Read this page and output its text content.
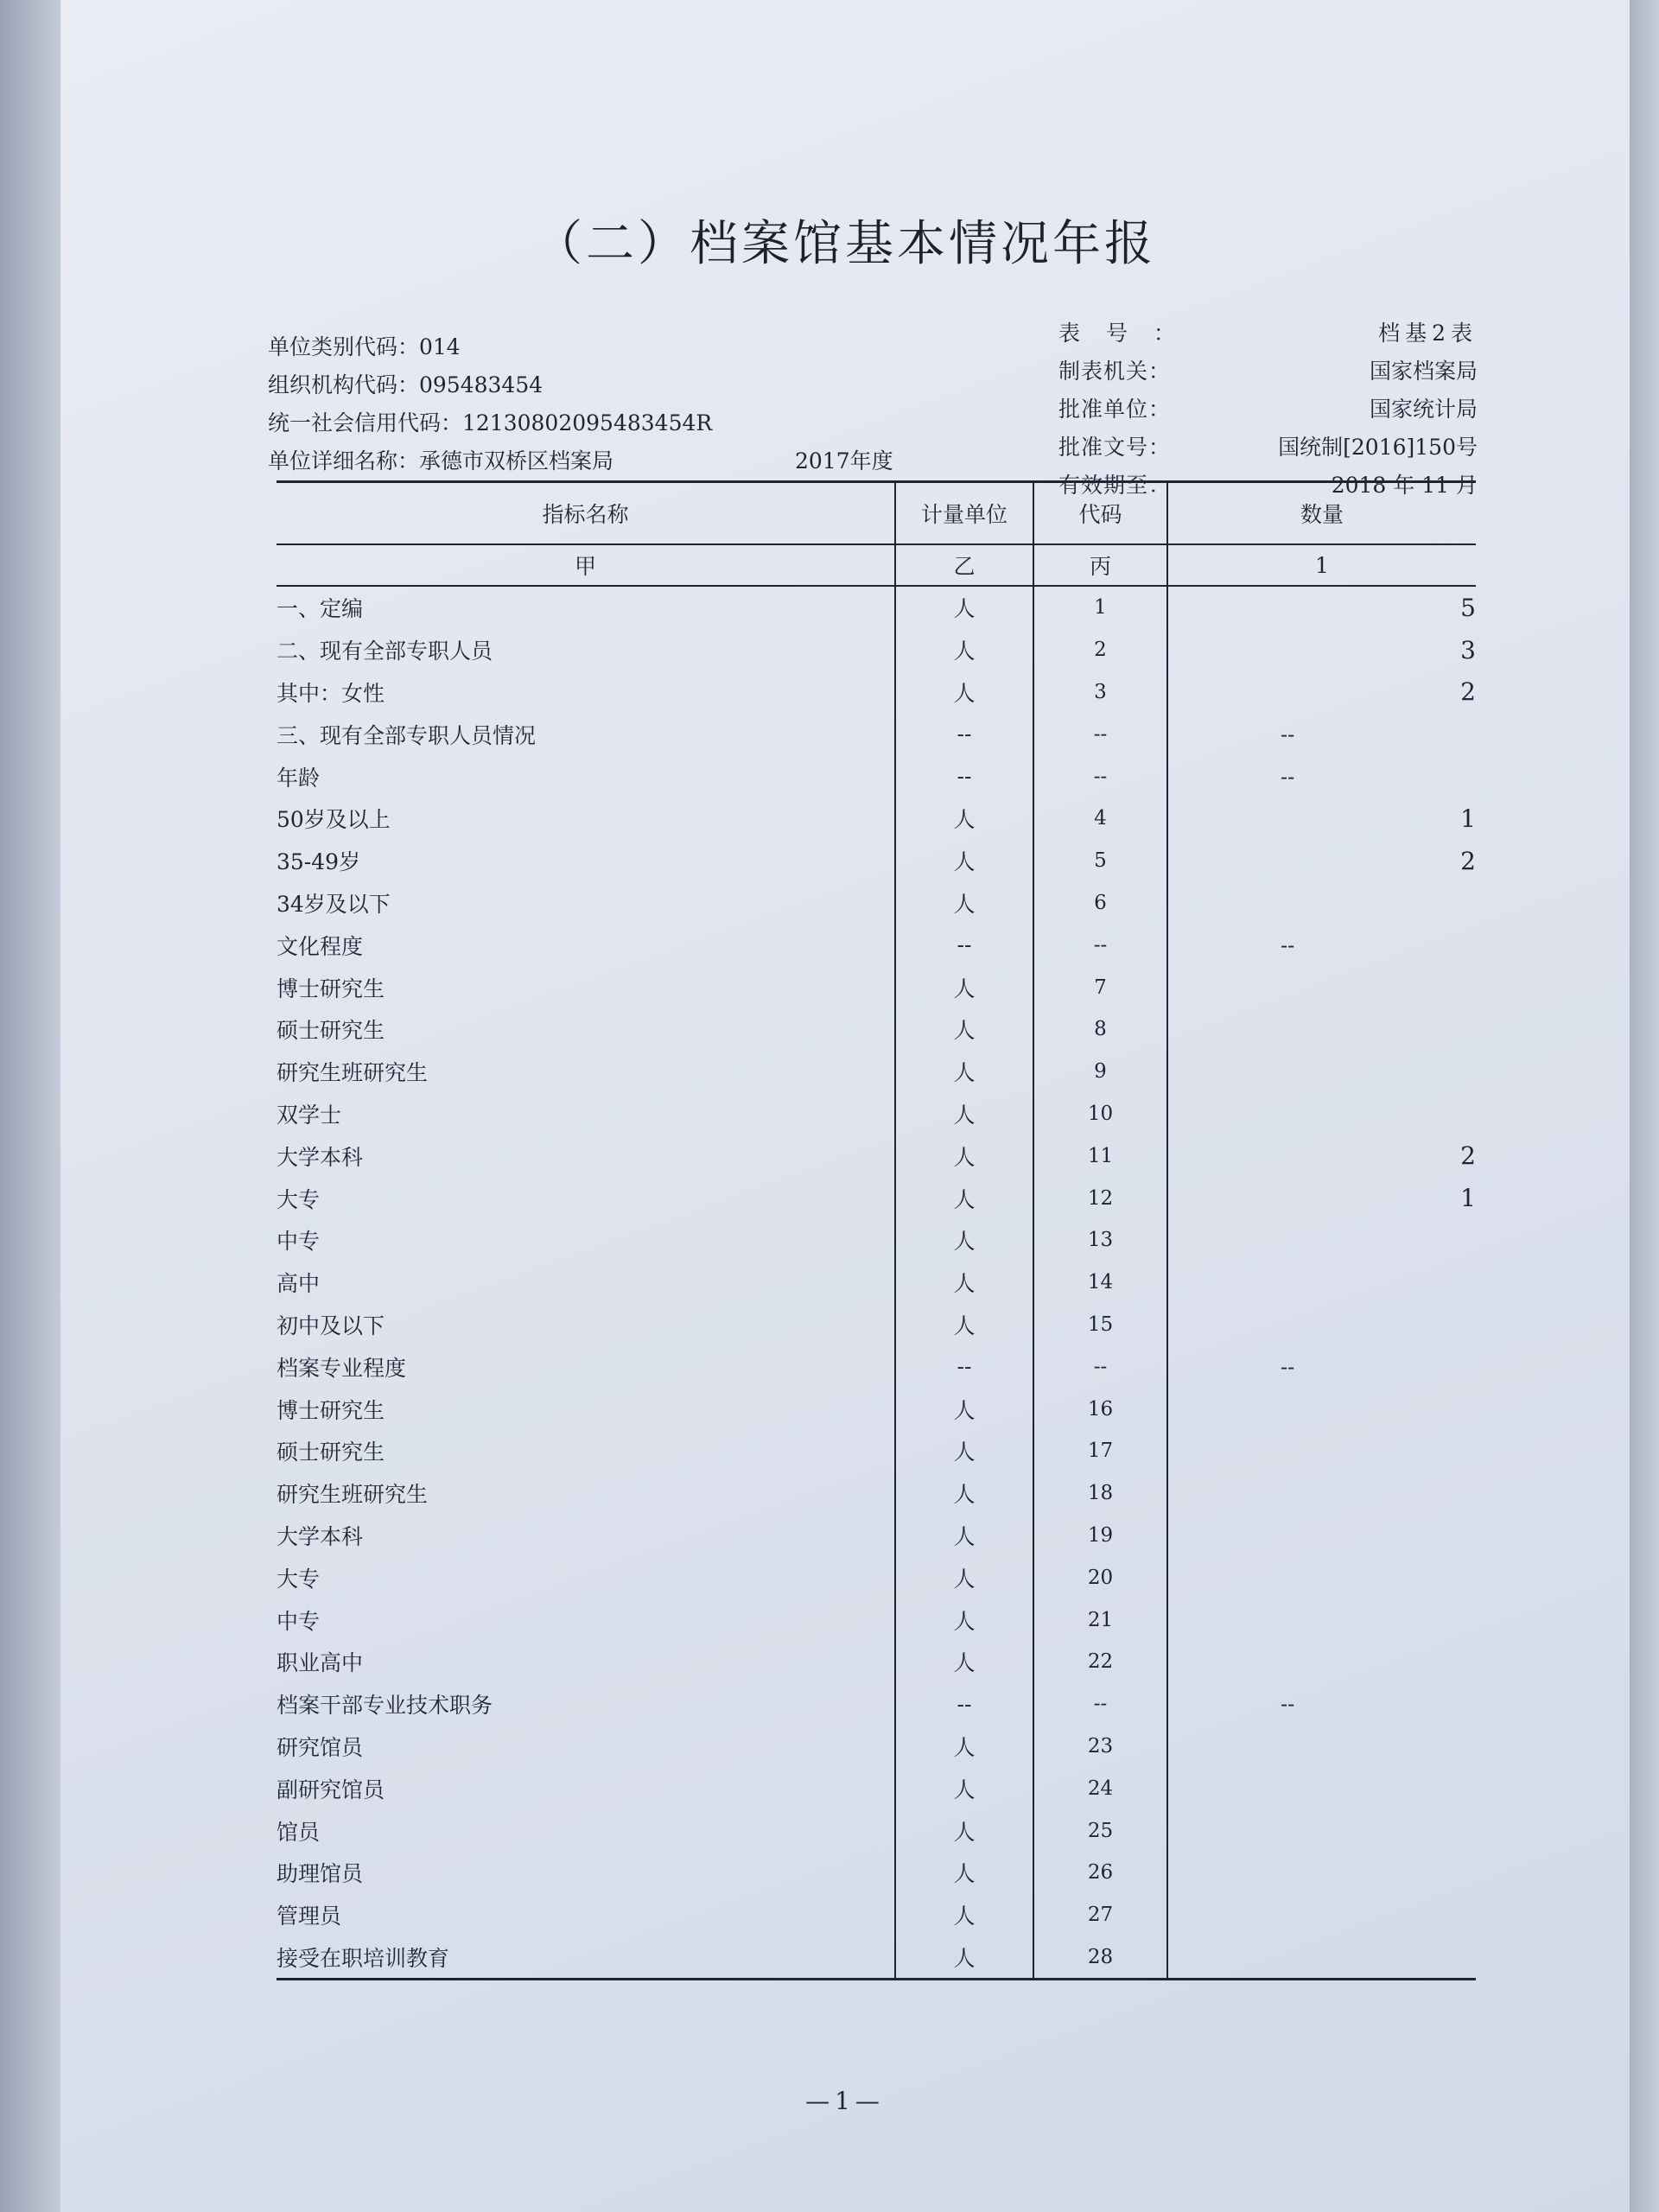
（二）档案馆基本情况年报
单位类别代码：014
组织机构代码：095483454
统一社会信用代码：12130802095483454R
单位详细名称：承德市双桥区档案局	2017年度
表号：	档基2表
制表机关：	国家档案局
批准单位：	国家统计局
批准文号：	国统制[2016]150号
有效期至：	2018 年 11 月
指标名称	计量单位	代码	数量
甲	乙	丙	1
一、定编	人	1	5
二、现有全部专职人员	人	2	3
其中：女性	人	3	2
三、现有全部专职人员情况	--	--	--

年龄	--	--	--

50岁及以上	人	4	1
35-49岁	人	5	2
34岁及以下	人	6	
文化程度	--	--	--

博士研究生	人	7	
硕士研究生	人	8	
研究生班研究生	人	9	
双学士	人	10	
大学本科	人	11	2
大专	人	12	1
中专	人	13	
高中	人	14	
初中及以下	人	15	
档案专业程度	--	--	--

博士研究生	人	16	
硕士研究生	人	17	
研究生班研究生	人	18	
大学本科	人	19	
大专	人	20	
中专	人	21	
职业高中	人	22	
档案干部专业技术职务	--	--	--

研究馆员	人	23	
副研究馆员	人	24	
馆员	人	25	
助理馆员	人	26	
管理员	人	27	
接受在职培训教育	人	28	
—1—
